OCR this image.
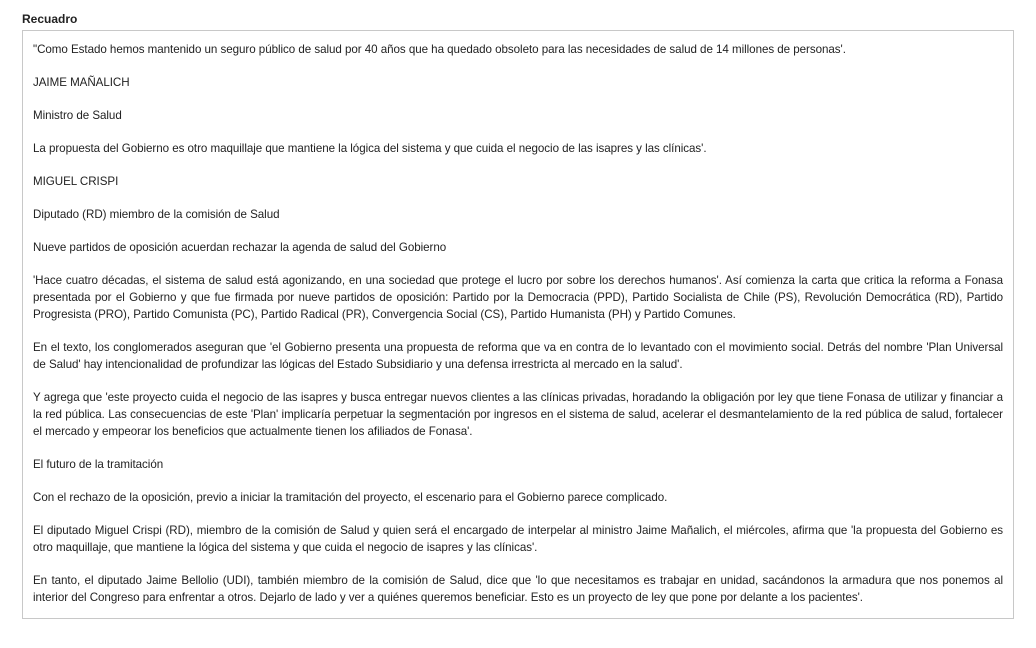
Recuadro

"Como Estado hemos mantenido un seguro público de salud por 40 años que ha quedado obsoleto para las necesidades de salud de 14 millones de personas'.

JAIME MAÑALICH

Ministro de Salud

La propuesta del Gobierno es otro maquillaje que mantiene la lógica del sistema y que cuida el negocio de las isapres y las clínicas'.

MIGUEL CRISPI

Diputado (RD) miembro de la comisión de Salud

Nueve partidos de oposición acuerdan rechazar la agenda de salud del Gobierno

'Hace cuatro décadas, el sistema de salud está agonizando, en una sociedad que protege el lucro por sobre los derechos humanos'. Así comienza la carta que critica la reforma a Fonasa presentada por el Gobierno y que fue firmada por nueve partidos de oposición: Partido por la Democracia (PPD), Partido Socialista de Chile (PS), Revolución Democrática (RD), Partido Progresista (PRO), Partido Comunista (PC), Partido Radical (PR), Convergencia Social (CS), Partido Humanista (PH) y Partido Comunes.

En el texto, los conglomerados aseguran que 'el Gobierno presenta una propuesta de reforma que va en contra de lo levantado con el movimiento social. Detrás del nombre 'Plan Universal de Salud' hay intencionalidad de profundizar las lógicas del Estado Subsidiario y una defensa irrestricta al mercado en la salud'.

Y agrega que 'este proyecto cuida el negocio de las isapres y busca entregar nuevos clientes a las clínicas privadas, horadando la obligación por ley que tiene Fonasa de utilizar y financiar a la red pública. Las consecuencias de este 'Plan' implicaría perpetuar la segmentación por ingresos en el sistema de salud, acelerar el desmantelamiento de la red pública de salud, fortalecer el mercado y empeorar los beneficios que actualmente tienen los afiliados de Fonasa'.

El futuro de la tramitación

Con el rechazo de la oposición, previo a iniciar la tramitación del proyecto, el escenario para el Gobierno parece complicado.

El diputado Miguel Crispi (RD), miembro de la comisión de Salud y quien será el encargado de interpelar al ministro Jaime Mañalich, el miércoles, afirma que 'la propuesta del Gobierno es otro maquillaje, que mantiene la lógica del sistema y que cuida el negocio de isapres y las clínicas'.

En tanto, el diputado Jaime Bellolio (UDI), también miembro de la comisión de Salud, dice que 'lo que necesitamos es trabajar en unidad, sacándonos la armadura que nos ponemos al interior del Congreso para enfrentar a otros. Dejarlo de lado y ver a quiénes queremos beneficiar. Esto es un proyecto de ley que pone por delante a los pacientes'.
